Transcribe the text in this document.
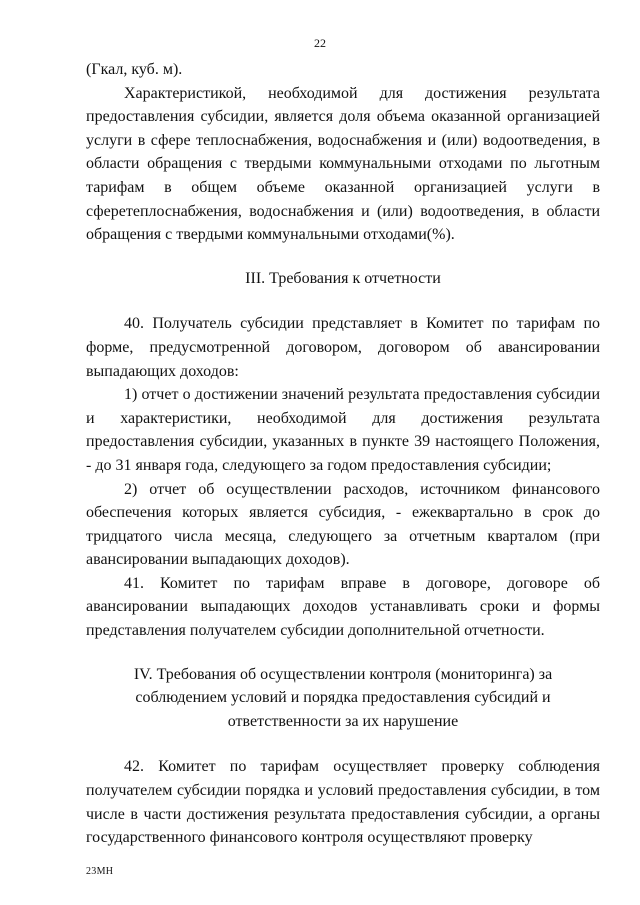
22

(Гкал, куб. м).

Характеристикой, необходимой для достижения результата предоставления субсидии, является доля объема оказанной организацией услуги в сфере теплоснабжения, водоснабжения и (или) водоотведения, в области обращения с твердыми коммунальными отходами по льготным тарифам в общем объеме оказанной организацией услуги в сферетеплоснабжения, водоснабжения и (или) водоотведения, в области обращения с твердыми коммунальными отходами(%).

III. Требования к отчетности

40. Получатель субсидии представляет в Комитет по тарифам по форме, предусмотренной договором, договором об авансировании выпадающих доходов:

1) отчет о достижении значений результата предоставления субсидии и характеристики, необходимой для достижения результата предоставления субсидии, указанных в пункте 39 настоящего Положения, - до 31 января года, следующего за годом предоставления субсидии;

2) отчет об осуществлении расходов, источником финансового обеспечения которых является субсидия, - ежеквартально в срок до тридцатого числа месяца, следующего за отчетным кварталом (при авансировании выпадающих доходов).

41. Комитет по тарифам вправе в договоре, договоре об авансировании выпадающих доходов устанавливать сроки и формы представления получателем субсидии дополнительной отчетности.

IV. Требования об осуществлении контроля (мониторинга) за
соблюдением условий и порядка предоставления субсидий и
ответственности за их нарушение

42. Комитет по тарифам осуществляет проверку соблюдения получателем субсидии порядка и условий предоставления субсидии, в том числе в части достижения результата предоставления субсидии, а органы государственного финансового контроля осуществляют проверку

23МН
